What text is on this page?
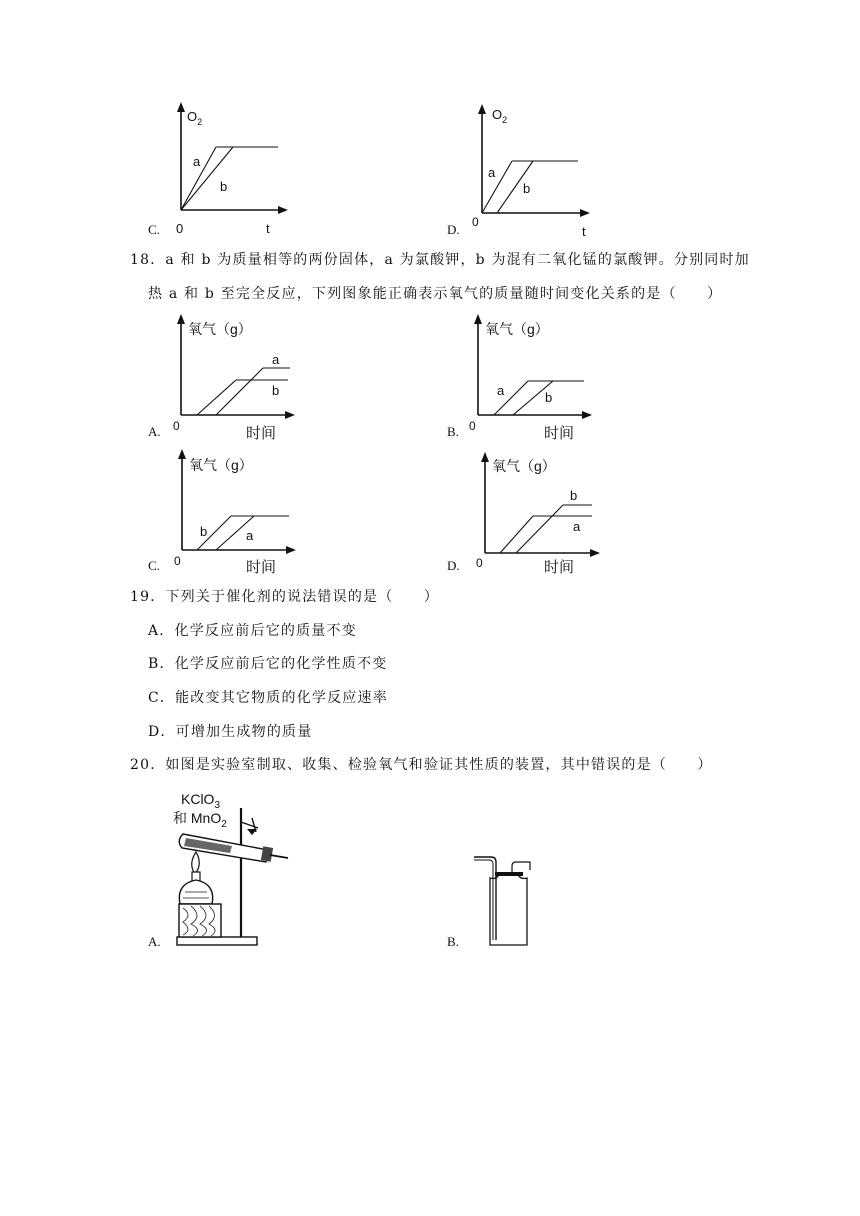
C.
$O_2$
a
b
0	t	D.
$O_2$
a
b
0
t
18．a 和 b 为质量相等的两份固体，a 为氯酸钾，b 为混有二氧化锰的氯酸钾。分别同时加
热 a 和 b 至完全反应，下列图象能正确表示氧气的质量随时间变化关系的是（　　）
A.
氧气（g）
a
b
0	时间	B.
氧气（g）
a	b
0	时间
C.
氧气（g）
b	a
0	时间	D.
氧气（g）
b
a
0	时间
19．下列关于催化剂的说法错误的是（　　）
A．化学反应前后它的质量不变
B．化学反应前后它的化学性质不变
C．能改变其它物质的化学反应速率
D．可增加生成物的质量
20．如图是实验室制取、收集、检验氧气和验证其性质的装置，其中错误的是（　　）
A.
KClO$_3$
和 MnO$_2$
B.
